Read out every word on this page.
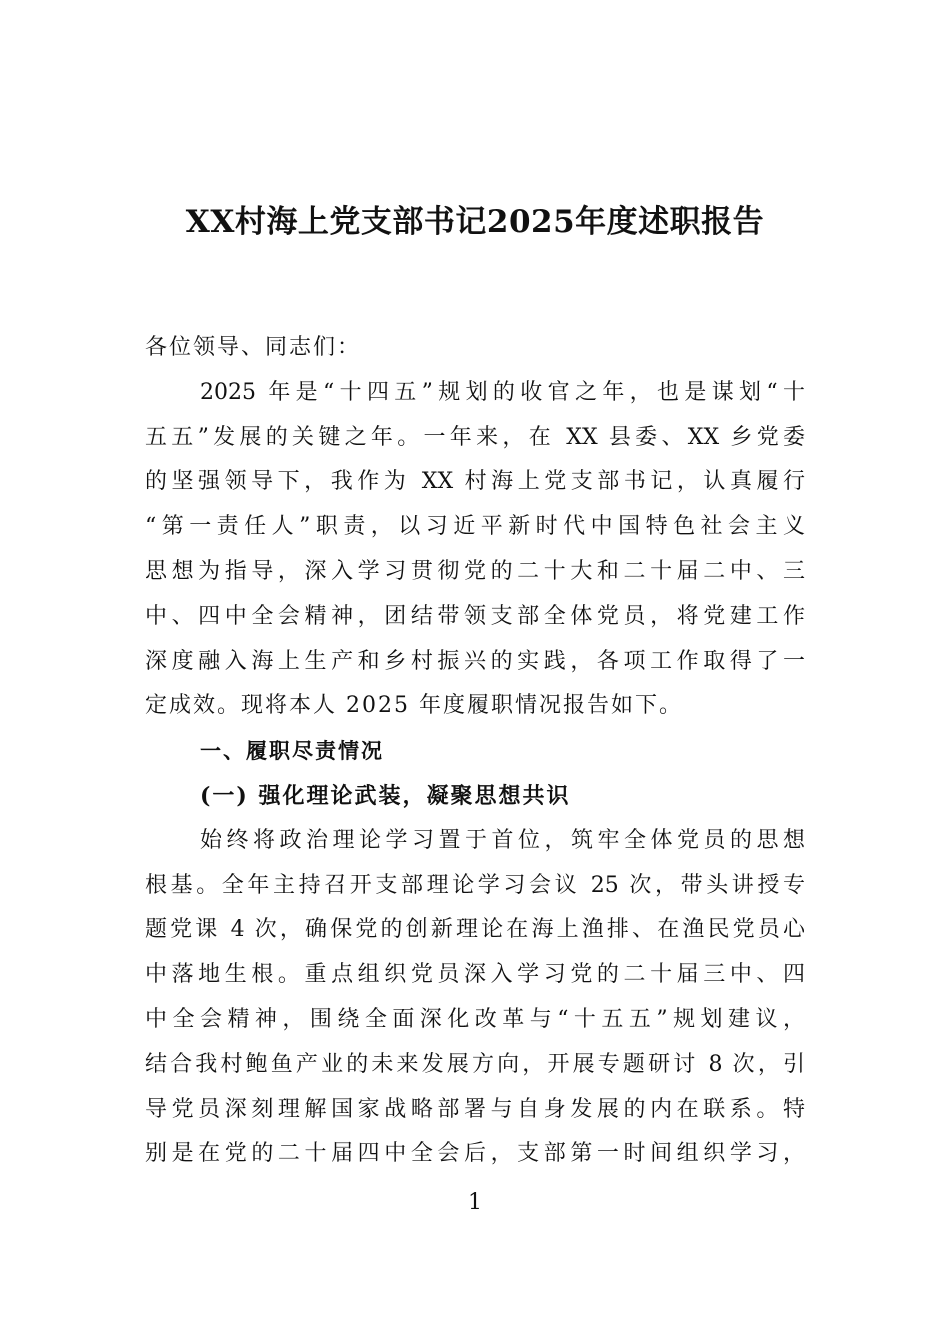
XX村海上党支部书记2025年度述职报告
各位领导、同志们：
2025 年是“十四五”规划的收官之年，也是谋划“十
五五”发展的关键之年。一年来，在 XX 县委、XX 乡党委
的坚强领导下，我作为 XX 村海上党支部书记，认真履行
“第一责任人”职责，以习近平新时代中国特色社会主义
思想为指导，深入学习贯彻党的二十大和二十届二中、三
中、四中全会精神，团结带领支部全体党员，将党建工作
深度融入海上生产和乡村振兴的实践，各项工作取得了一
定成效。现将本人 2025 年度履职情况报告如下。
一、履职尽责情况
(一) 强化理论武装，凝聚思想共识
始终将政治理论学习置于首位，筑牢全体党员的思想
根基。全年主持召开支部理论学习会议 25 次，带头讲授专
题党课 4 次，确保党的创新理论在海上渔排、在渔民党员心
中落地生根。重点组织党员深入学习党的二十届三中、四
中全会精神，围绕全面深化改革与“十五五”规划建议，
结合我村鲍鱼产业的未来发展方向，开展专题研讨 8 次，引
导党员深刻理解国家战略部署与自身发展的内在联系。特
别是在党的二十届四中全会后，支部第一时间组织学习，
1
